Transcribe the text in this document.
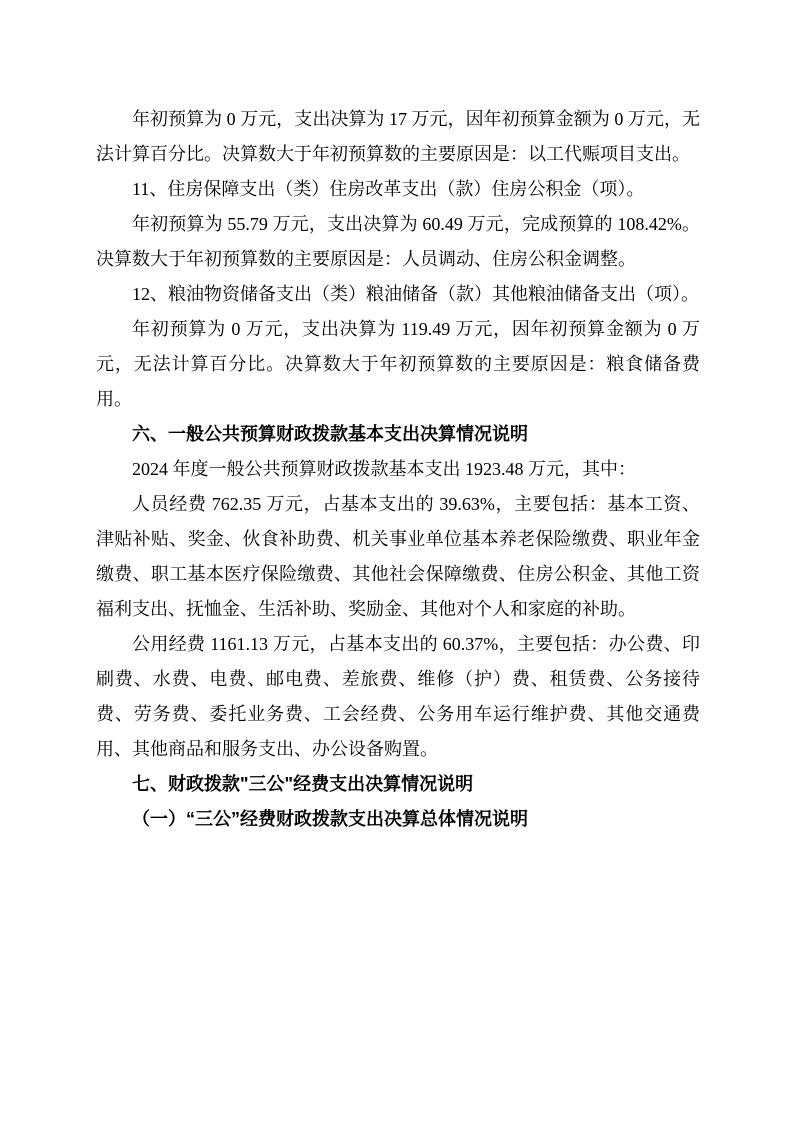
年初预算为 0 万元，支出决算为 17 万元，因年初预算金额为 0 万元，无法计算百分比。决算数大于年初预算数的主要原因是：以工代赈项目支出。

11、住房保障支出（类）住房改革支出（款）住房公积金（项）。

年初预算为 55.79 万元，支出决算为 60.49 万元，完成预算的 108.42%。决算数大于年初预算数的主要原因是：人员调动、住房公积金调整。

12、粮油物资储备支出（类）粮油储备（款）其他粮油储备支出（项）。

年初预算为 0 万元，支出决算为 119.49 万元，因年初预算金额为 0 万元，无法计算百分比。决算数大于年初预算数的主要原因是：粮食储备费用。

六、一般公共预算财政拨款基本支出决算情况说明

2024 年度一般公共预算财政拨款基本支出 1923.48 万元，其中：

人员经费 762.35 万元，占基本支出的 39.63%，主要包括：基本工资、津贴补贴、奖金、伙食补助费、机关事业单位基本养老保险缴费、职业年金缴费、职工基本医疗保险缴费、其他社会保障缴费、住房公积金、其他工资福利支出、抚恤金、生活补助、奖励金、其他对个人和家庭的补助。

公用经费 1161.13 万元，占基本支出的 60.37%，主要包括：办公费、印刷费、水费、电费、邮电费、差旅费、维修（护）费、租赁费、公务接待费、劳务费、委托业务费、工会经费、公务用车运行维护费、其他交通费用、其他商品和服务支出、办公设备购置。

七、财政拨款"三公"经费支出决算情况说明

（一）“三公”经费财政拨款支出决算总体情况说明
